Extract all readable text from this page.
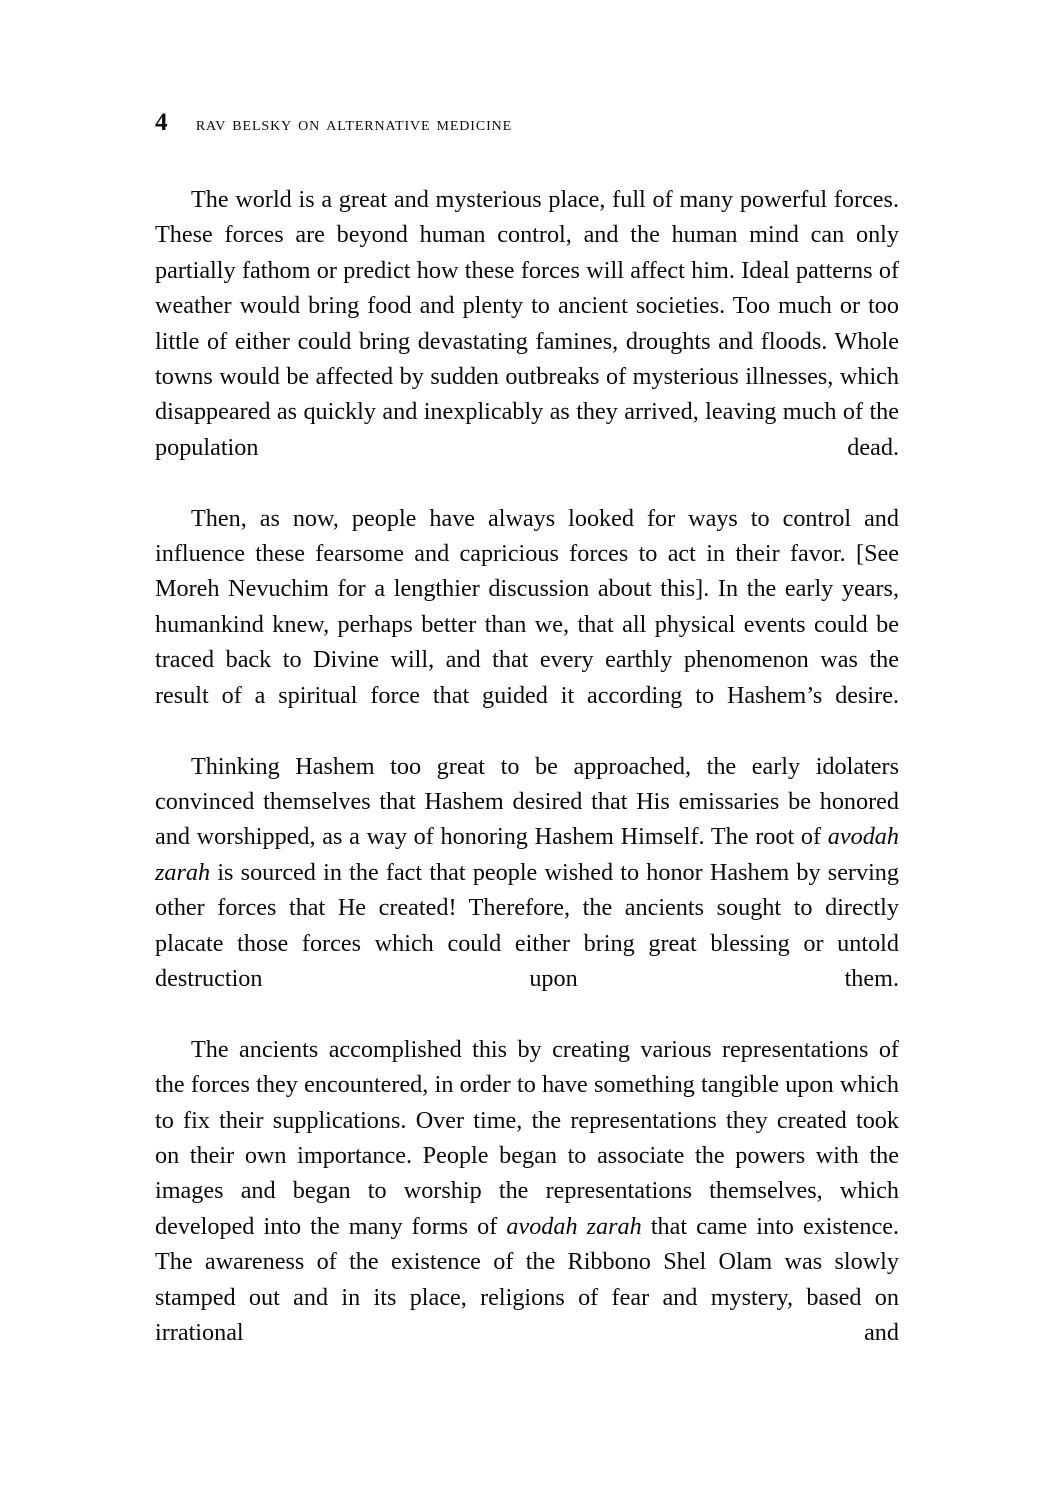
4 rav belsky on alternative medicine

The world is a great and mysterious place, full of many powerful forces. These forces are beyond human control, and the human mind can only partially fathom or predict how these forces will affect him. Ideal patterns of weather would bring food and plenty to ancient societies. Too much or too little of either could bring devastating famines, droughts and floods. Whole towns would be affected by sudden outbreaks of mysterious illnesses, which disappeared as quickly and inexplicably as they arrived, leaving much of the population dead.

Then, as now, people have always looked for ways to control and influence these fearsome and capricious forces to act in their favor. [See Moreh Nevuchim for a lengthier discussion about this]. In the early years, humankind knew, perhaps better than we, that all physical events could be traced back to Divine will, and that every earthly phenomenon was the result of a spiritual force that guided it according to Hashem’s desire.

Thinking Hashem too great to be approached, the early idolaters convinced themselves that Hashem desired that His emissaries be honored and worshipped, as a way of honoring Hashem Himself. The root of avodah zarah is sourced in the fact that people wished to honor Hashem by serving other forces that He created! Therefore, the ancients sought to directly placate those forces which could either bring great blessing or untold destruction upon them.

The ancients accomplished this by creating various representations of the forces they encountered, in order to have something tangible upon which to fix their supplications. Over time, the representations they created took on their own importance. People began to associate the powers with the images and began to worship the representations themselves, which developed into the many forms of avodah zarah that came into existence. The awareness of the existence of the Ribbono Shel Olam was slowly stamped out and in its place, religions of fear and mystery, based on irrational and
